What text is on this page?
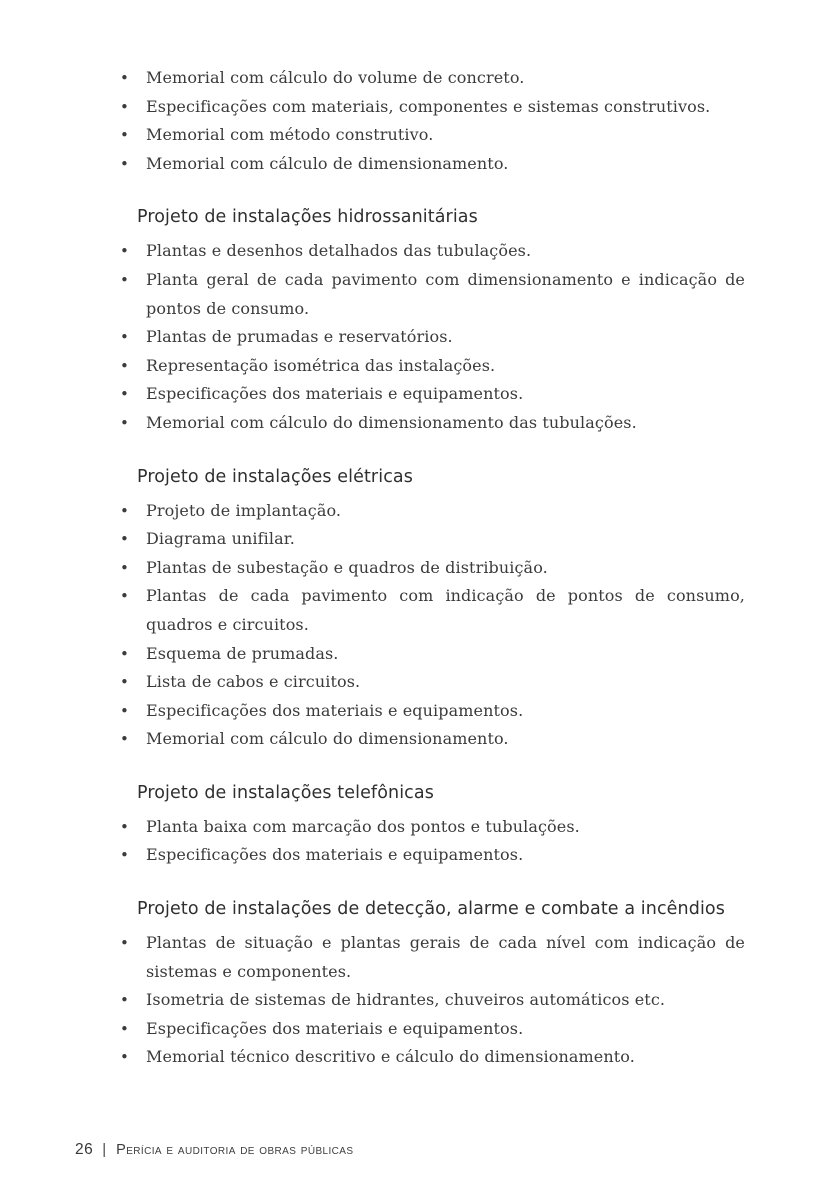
• Memorial com cálculo do volume de concreto.
• Especificações com materiais, componentes e sistemas construtivos.
• Memorial com método construtivo.
• Memorial com cálculo de dimensionamento.
Projeto de instalações hidrossanitárias
• Plantas e desenhos detalhados das tubulações.
• Planta geral de cada pavimento com dimensionamento e indicação de pontos de consumo.
• Plantas de prumadas e reservatórios.
• Representação isométrica das instalações.
• Especificações dos materiais e equipamentos.
• Memorial com cálculo do dimensionamento das tubulações.
Projeto de instalações elétricas
• Projeto de implantação.
• Diagrama unifilar.
• Plantas de subestação e quadros de distribuição.
• Plantas de cada pavimento com indicação de pontos de consumo, quadros e circuitos.
• Esquema de prumadas.
• Lista de cabos e circuitos.
• Especificações dos materiais e equipamentos.
• Memorial com cálculo do dimensionamento.
Projeto de instalações telefônicas
• Planta baixa com marcação dos pontos e tubulações.
• Especificações dos materiais e equipamentos.
Projeto de instalações de detecção, alarme e combate a incêndios
• Plantas de situação e plantas gerais de cada nível com indicação de sistemas e componentes.
• Isometria de sistemas de hidrantes, chuveiros automáticos etc.
• Especificações dos materiais e equipamentos.
• Memorial técnico descritivo e cálculo do dimensionamento.
26 | Perícia e auditoria de obras públicas
